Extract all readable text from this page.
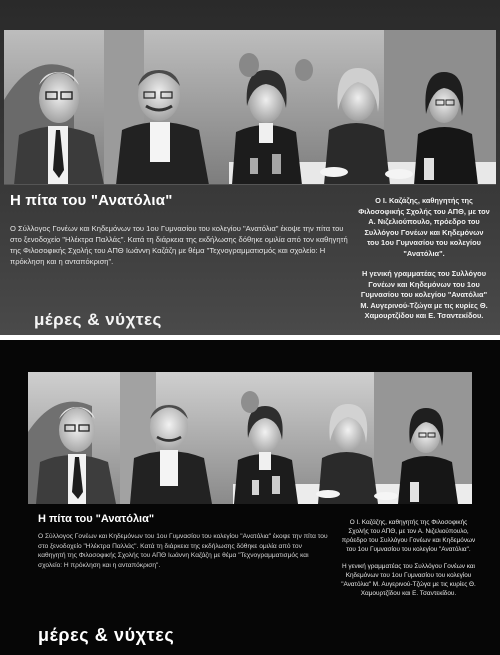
Η πίτα του "Ανατόλια"

Ο Σύλλογος Γονέων και Κηδεμόνων του 1ου Γυμνασίου του κολεγίου "Ανατόλια" έκοψε την πίτα του στο ξενοδοχείο "Ηλέκτρα Παλλάς". Κατά τη διάρκεια της εκδήλωσης δόθηκε ομιλία από τον καθηγητή της Φιλοσοφικής Σχολής του ΑΠΘ Ιωάννη Καζάζη με θέμα "Τεχνογραμματισμός και σχολείο: Η πρόκληση και η ανταπόκριση".

Ο Ι. Καζάζης, καθηγητής της Φιλοσοφικής Σχολής του ΑΠΘ, με τον Α. Νιζελιούπουλο, πρόεδρο του Συλλόγου Γονέων και Κηδεμόνων του 1ου Γυμνασίου του κολεγίου "Ανατόλια".

Η γενική γραμματέας του Συλλόγου Γονέων και Κηδεμόνων του 1ου Γυμνασίου του κολεγίου "Ανατόλια" Μ. Αυγερινού-Τζώγα με τις κυρίες Θ. Χαμουρτζίδου και Ε. Τσαντεκίδου.

μέρες & νύχτες
Η πίτα του "Ανατόλια"

Ο Σύλλογος Γονέων και Κηδεμόνων του 1ου Γυμνασίου του κολεγίου "Ανατόλια" έκοψε την πίτα του στο ξενοδοχείο "Ηλέκτρα Παλλάς". Κατά τη διάρκεια της εκδήλωσης δόθηκε ομιλία από τον καθηγητή της Φιλοσοφικής Σχολής του ΑΠΘ Ιωάννη Καζάζη με θέμα "Τεχνογραμματισμός και σχολείο: Η πρόκληση και η ανταπόκριση".

Ο Ι. Καζάζης, καθηγητής της Φιλοσοφικής Σχολής του ΑΠΘ, με τον Α. Νιζελιούπουλο, πρόεδρο του Συλλόγου Γονέων και Κηδεμόνων του 1ου Γυμνασίου του κολεγίου "Ανατόλια".

Η γενική γραμματέας του Συλλόγου Γονέων και Κηδεμόνων του 1ου Γυμνασίου του κολεγίου "Ανατόλια" Μ. Αυγερινού-Τζώγα με τις κυρίες Θ. Χαμουρτζίδου και Ε. Τσαντεκίδου.

μέρες & νύχτες
